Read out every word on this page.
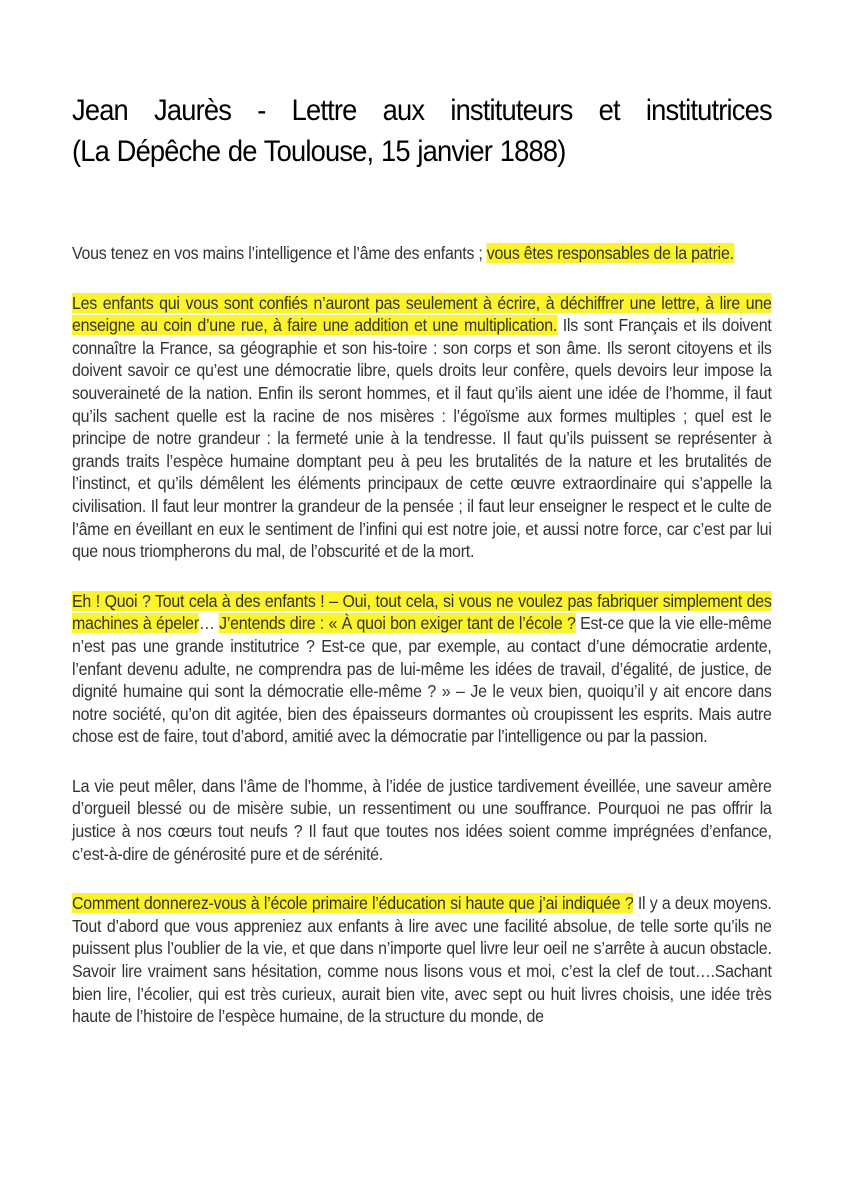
Jean Jaurès - Lettre aux instituteurs et institutrices
(La Dépêche de Toulouse, 15 janvier 1888)

Vous tenez en vos mains l’intelligence et l’âme des enfants ; vous êtes responsables de la patrie.

Les enfants qui vous sont confiés n’auront pas seulement à écrire, à déchiffrer une lettre, à lire une enseigne au coin d’une rue, à faire une addition et une multiplication. Ils sont Français et ils doivent connaître la France, sa géographie et son his-toire : son corps et son âme. Ils seront citoyens et ils doivent savoir ce qu’est une démocratie libre, quels droits leur confère, quels devoirs leur impose la souveraineté de la nation. Enfin ils seront hommes, et il faut qu’ils aient une idée de l’homme, il faut qu’ils sachent quelle est la racine de nos misères : l’égoïsme aux formes multiples ; quel est le principe de notre grandeur : la fermeté unie à la tendresse. Il faut qu’ils puissent se représenter à grands traits l’espèce humaine domptant peu à peu les brutalités de la nature et les brutalités de l’instinct, et qu’ils démêlent les éléments principaux de cette œuvre extraordinaire qui s’appelle la civilisation. Il faut leur montrer la grandeur de la pensée ; il faut leur enseigner le respect et le culte de l’âme en éveillant en eux le sentiment de l’infini qui est notre joie, et aussi notre force, car c’est par lui que nous triompherons du mal, de l’obscurité et de la mort.

Eh ! Quoi ? Tout cela à des enfants ! – Oui, tout cela, si vous ne voulez pas fabriquer simplement des machines à épeler… J’entends dire : « À quoi bon exiger tant de l’école ? Est-ce que la vie elle-même n’est pas une grande institutrice ? Est-ce que, par exemple, au contact d’une démocratie ardente, l’enfant devenu adulte, ne comprendra pas de lui-même les idées de travail, d’égalité, de justice, de dignité humaine qui sont la démocratie elle-même ? » – Je le veux bien, quoiqu’il y ait encore dans notre société, qu’on dit agitée, bien des épaisseurs dormantes où croupissent les esprits. Mais autre chose est de faire, tout d’abord, amitié avec la démocratie par l’intelligence ou par la passion.

La vie peut mêler, dans l’âme de l’homme, à l’idée de justice tardivement éveillée, une saveur amère d’orgueil blessé ou de misère subie, un ressentiment ou une souffrance. Pourquoi ne pas offrir la justice à nos cœurs tout neufs ? Il faut que toutes nos idées soient comme imprégnées d’enfance, c’est-à-dire de générosité pure et de sérénité.

Comment donnerez-vous à l’école primaire l’éducation si haute que j’ai indiquée ? Il y a deux moyens. Tout d’abord que vous appreniez aux enfants à lire avec une facilité absolue, de telle sorte qu’ils ne puissent plus l’oublier de la vie, et que dans n’importe quel livre leur oeil ne s’arrête à aucun obstacle. Savoir lire vraiment sans hésitation, comme nous lisons vous et moi, c’est la clef de tout….Sachant bien lire, l’écolier, qui est très curieux, aurait bien vite, avec sept ou huit livres choisis, une idée très haute de l’histoire de l’espèce humaine, de la structure du monde, de
